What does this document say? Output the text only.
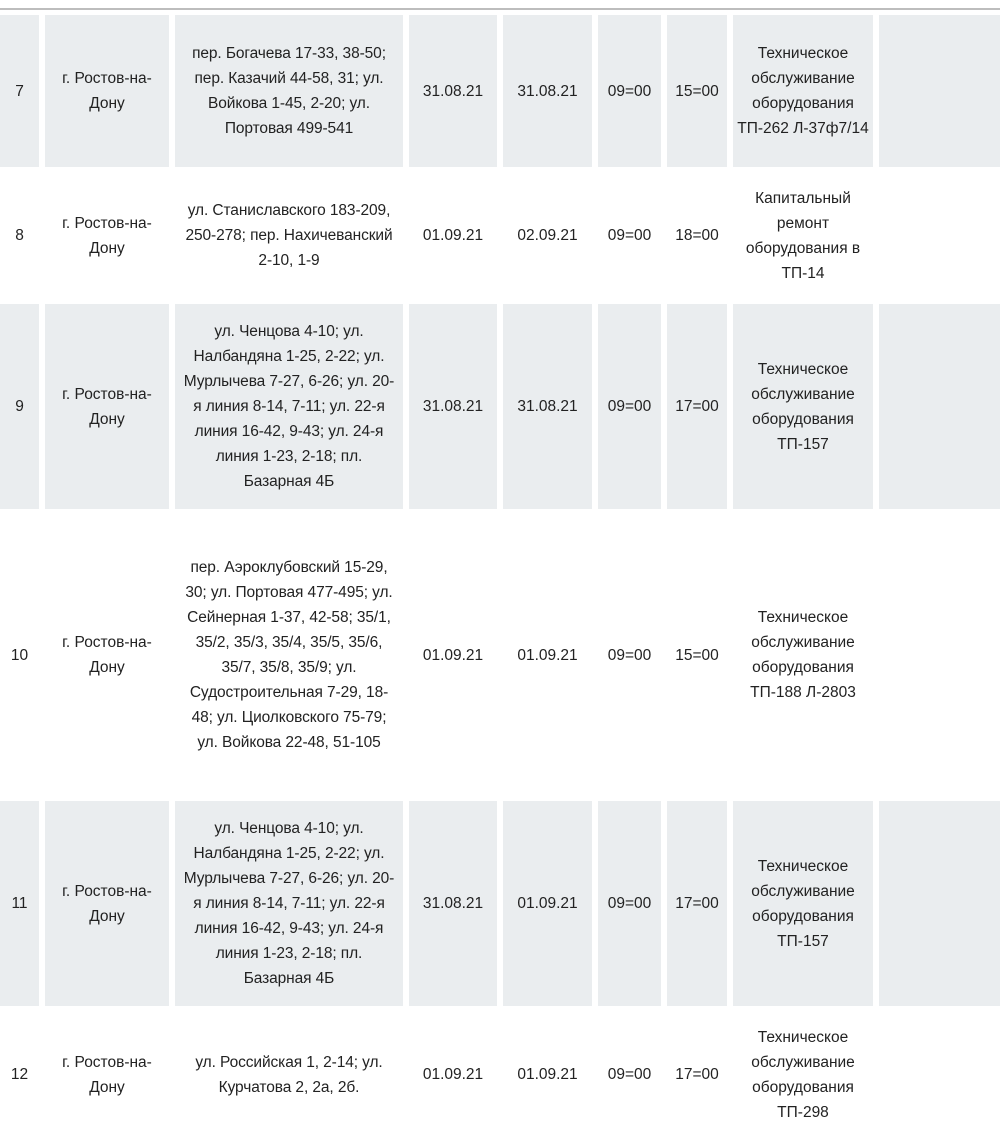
7	г. Ростов-на-Дону	пер. Богачева 17-33, 38-50; пер. Казачий 44-58, 31; ул. Войкова 1-45, 2-20; ул. Портовая 499-541	31.08.21	31.08.21	09=00	15=00	Техническое обслуживание оборудования ТП-262 Л-37ф7/14	
8	г. Ростов-на-Дону	ул. Станиславского 183-209, 250-278; пер. Нахичеванский 2-10, 1-9	01.09.21	02.09.21	09=00	18=00	Капитальный ремонт оборудования в ТП-14	
9	г. Ростов-на-Дону	ул. Ченцова 4-10; ул. Налбандяна 1-25, 2-22; ул. Мурлычева 7-27, 6-26; ул. 20-я линия 8-14, 7-11; ул. 22-я линия 16-42, 9-43; ул. 24-я линия 1-23, 2-18; пл. Базарная 4Б	31.08.21	31.08.21	09=00	17=00	Техническое обслуживание оборудования ТП-157	
10	г. Ростов-на-Дону	пер. Аэроклубовский 15-29, 30; ул. Портовая 477-495; ул. Сейнерная 1-37, 42-58; 35/1, 35/2, 35/3, 35/4, 35/5, 35/6, 35/7, 35/8, 35/9; ул. Судостроительная 7-29, 18-48; ул. Циолковского 75-79; ул. Войкова 22-48, 51-105	01.09.21	01.09.21	09=00	15=00	Техническое обслуживание оборудования ТП-188 Л-2803	
11	г. Ростов-на-Дону	ул. Ченцова 4-10; ул. Налбандяна 1-25, 2-22; ул. Мурлычева 7-27, 6-26; ул. 20-я линия 8-14, 7-11; ул. 22-я линия 16-42, 9-43; ул. 24-я линия 1-23, 2-18; пл. Базарная 4Б	31.08.21	01.09.21	09=00	17=00	Техническое обслуживание оборудования ТП-157	
12	г. Ростов-на-Дону	ул. Российская 1, 2-14; ул. Курчатова 2, 2а, 2б.	01.09.21	01.09.21	09=00	17=00	Техническое обслуживание оборудования ТП-298	
